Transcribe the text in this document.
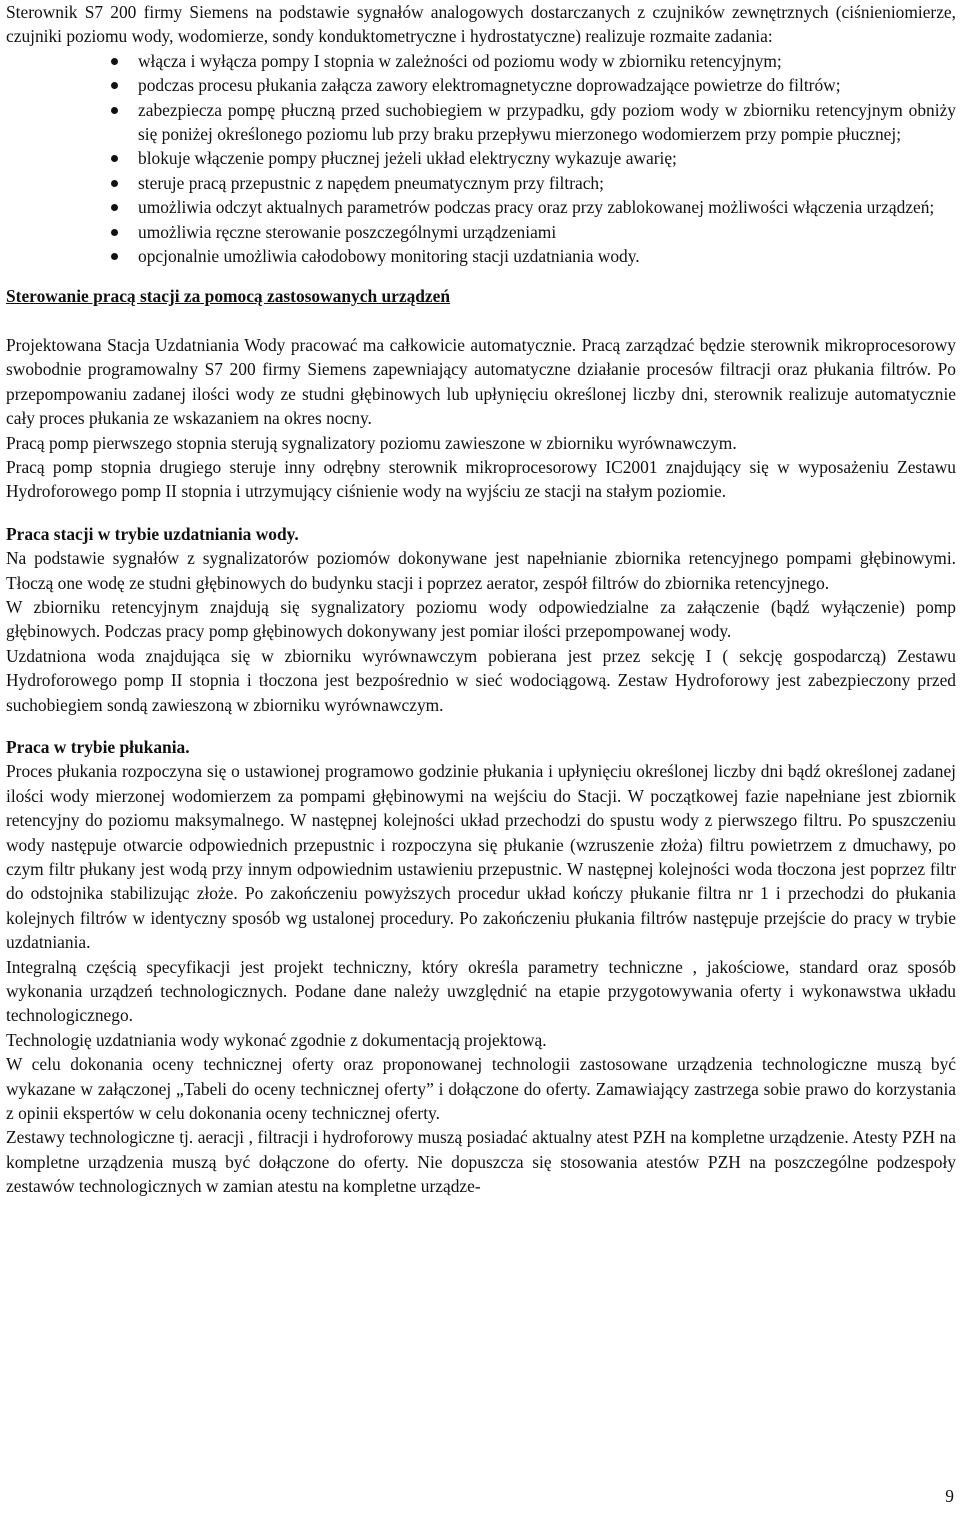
Sterownik S7 200 firmy Siemens na podstawie sygnałów analogowych dostarczanych z czujników zewnętrznych (ciśnieniomierze, czujniki poziomu wody, wodomierze, sondy konduktometryczne i hydrostatyczne) realizuje rozmaite zadania:

włącza i wyłącza pompy I stopnia w zależności od poziomu wody w zbiorniku retencyjnym;
podczas procesu płukania załącza zawory elektromagnetyczne doprowadzające powietrze do filtrów;
zabezpiecza pompę płuczną przed suchobiegiem w przypadku, gdy poziom wody w zbiorniku retencyjnym obniży się poniżej określonego poziomu lub przy braku przepływu mierzonego wodomierzem przy pompie płucznej;
blokuje włączenie pompy płucznej jeżeli układ elektryczny wykazuje awarię;
steruje pracą przepustnic z napędem pneumatycznym przy filtrach;
umożliwia odczyt aktualnych parametrów podczas pracy oraz przy zablokowanej możliwości włączenia urządzeń;
umożliwia ręczne sterowanie poszczególnymi urządzeniami
opcjonalnie umożliwia całodobowy monitoring stacji uzdatniania wody.

Sterowanie pracą stacji za pomocą zastosowanych urządzeń

Projektowana Stacja Uzdatniania Wody pracować ma całkowicie automatycznie. Pracą zarządzać będzie sterownik mikroprocesorowy swobodnie programowalny S7 200 firmy Siemens zapewniający automatyczne działanie procesów filtracji oraz płukania filtrów. Po przepompowaniu zadanej ilości wody ze studni głębinowych lub upłynięciu określonej liczby dni, sterownik realizuje automatycznie cały proces płukania ze wskazaniem na okres nocny.

Pracą pomp pierwszego stopnia sterują sygnalizatory poziomu zawieszone w zbiorniku wyrównawczym.

Pracą pomp stopnia drugiego steruje inny odrębny sterownik mikroprocesorowy IC2001 znajdujący się w wyposażeniu Zestawu Hydroforowego pomp II stopnia i utrzymujący ciśnienie wody na wyjściu ze stacji na stałym poziomie.

Praca stacji w trybie uzdatniania wody.

Na podstawie sygnałów z sygnalizatorów poziomów dokonywane jest napełnianie zbiornika retencyjnego pompami głębinowymi. Tłoczą one wodę ze studni głębinowych do budynku stacji i poprzez aerator, zespół filtrów do zbiornika retencyjnego.

W zbiorniku retencyjnym znajdują się sygnalizatory poziomu wody odpowiedzialne za załączenie (bądź wyłączenie) pomp głębinowych. Podczas pracy pomp głębinowych dokonywany jest pomiar ilości przepompowanej wody.

Uzdatniona woda znajdująca się w zbiorniku wyrównawczym pobierana jest przez sekcję I ( sekcję gospodarczą) Zestawu Hydroforowego pomp II stopnia i tłoczona jest bezpośrednio w sieć wodociągową. Zestaw Hydroforowy jest zabezpieczony przed suchobiegiem sondą zawieszoną w zbiorniku wyrównawczym.

Praca w trybie płukania.

Proces płukania rozpoczyna się o ustawionej programowo godzinie płukania i upłynięciu określonej liczby dni bądź określonej zadanej ilości wody mierzonej wodomierzem za pompami głębinowymi na wejściu do Stacji. W początkowej fazie napełniane jest zbiornik retencyjny do poziomu maksymalnego. W następnej kolejności układ przechodzi do spustu wody z pierwszego filtru. Po spuszczeniu wody następuje otwarcie odpowiednich przepustnic i rozpoczyna się płukanie (wzruszenie złoża) filtru powietrzem z dmuchawy, po czym filtr płukany jest wodą przy innym odpowiednim ustawieniu przepustnic. W następnej kolejności woda tłoczona jest poprzez filtr do odstojnika stabilizując złoże. Po zakończeniu powyższych procedur układ kończy płukanie filtra nr 1 i przechodzi do płukania kolejnych filtrów w identyczny sposób wg ustalonej procedury. Po zakończeniu płukania filtrów następuje przejście do pracy w trybie uzdatniania.

Integralną częścią specyfikacji jest projekt techniczny, który określa parametry techniczne , jakościowe, standard oraz sposób wykonania urządzeń technologicznych. Podane dane należy uwzględnić na etapie przygotowywania oferty i wykonawstwa układu technologicznego.

Technologię uzdatniania wody wykonać zgodnie z dokumentacją projektową.

W celu dokonania oceny technicznej oferty oraz proponowanej technologii zastosowane urządzenia technologiczne muszą być wykazane w załączonej „Tabeli do oceny technicznej oferty” i dołączone do oferty. Zamawiający zastrzega sobie prawo do korzystania z opinii ekspertów w celu dokonania oceny technicznej oferty.

Zestawy technologiczne tj. aeracji , filtracji i hydroforowy muszą posiadać aktualny atest PZH na kompletne urządzenie. Atesty PZH na kompletne urządzenia muszą być dołączone do oferty. Nie dopuszcza się stosowania atestów PZH na poszczególne podzespoły zestawów technologicznych w zamian atestu na kompletne urządze-

9
